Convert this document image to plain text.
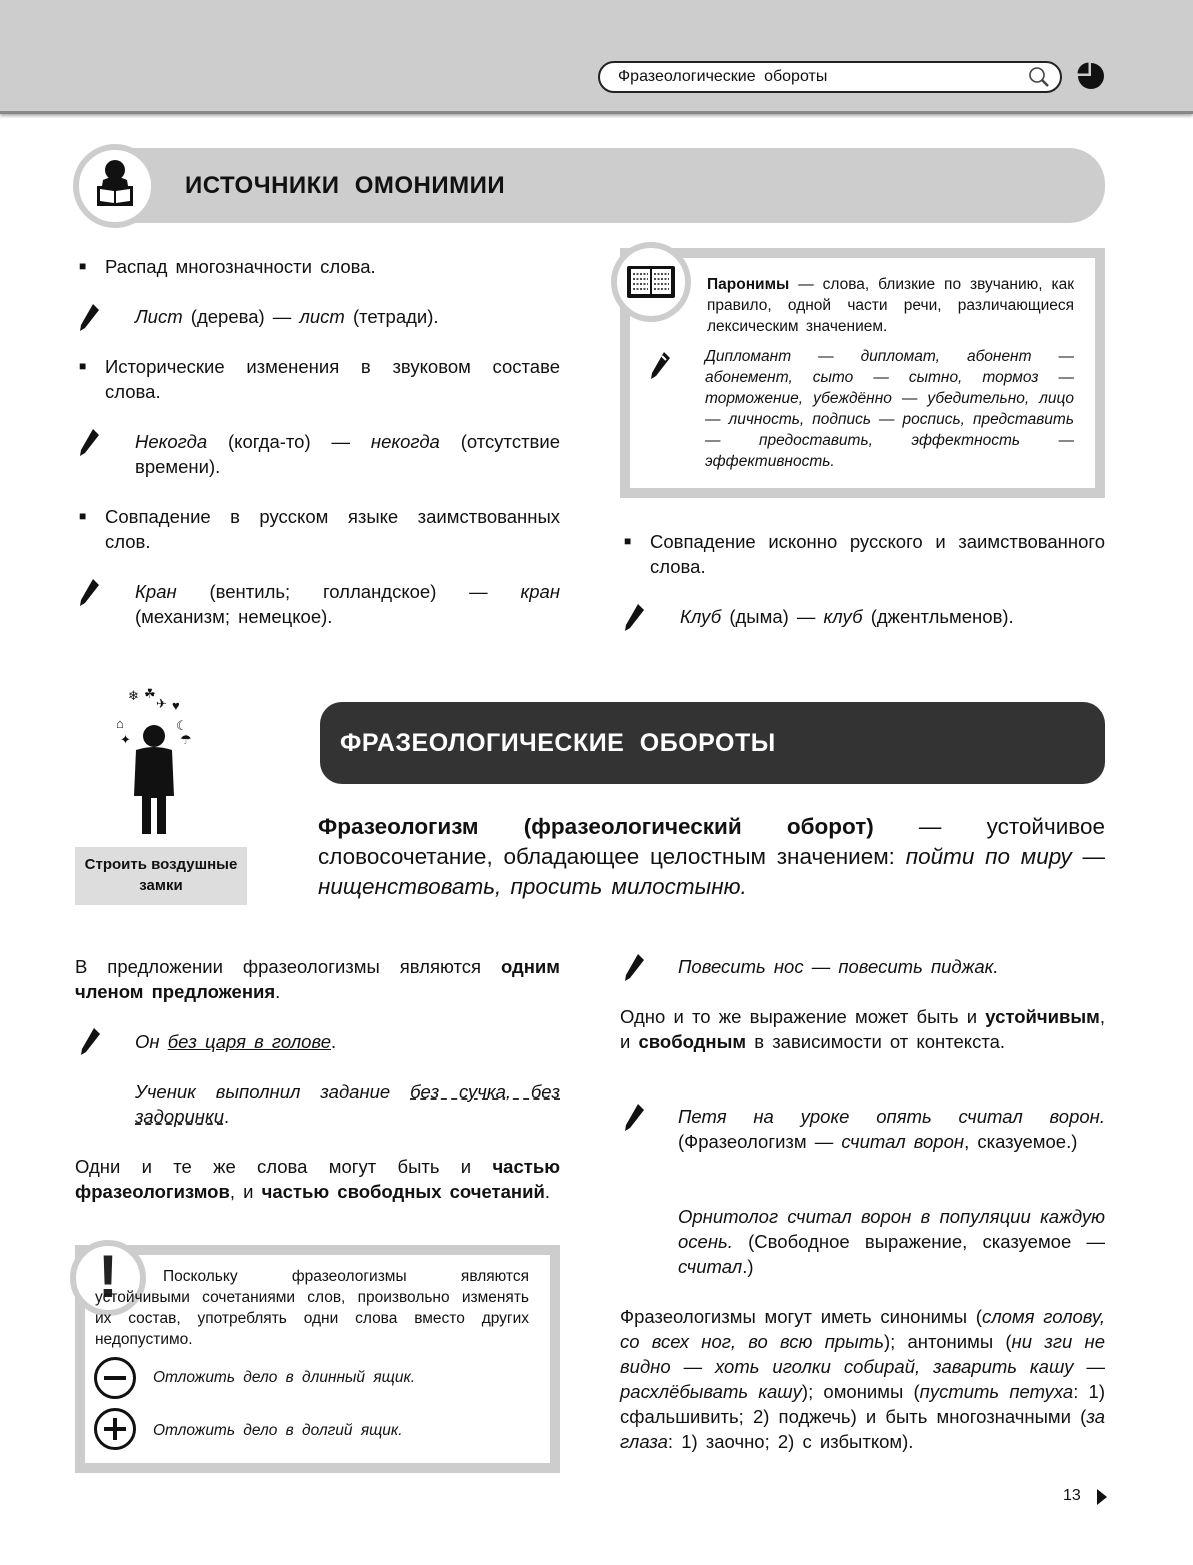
Фразеологические обороты
ИСТОЧНИКИ ОМОНИМИИ
■ Распад многозначности слова.
Лист (дерева) — лист (тетради).
■ Исторические изменения в звуковом составе слова.
Некогда (когда-то) — некогда (отсутствие времени).
■ Совпадение в русском языке заимствованных слов.
Кран (вентиль; голландское) — кран (механизм; немецкое).
Паронимы — слова, близкие по звучанию, как правило, одной части речи, различающиеся лексическим значением.
Дипломант — дипломат, абонент — абонемент, сыто — сытно, тормоз — торможение, убеждённо — убедительно, лицо — личность, подпись — роспись, представить — предоставить, эффектность — эффективность.
■ Совпадение исконно русского и заимствованного слова.
Клуб (дыма) — клуб (джентльменов).
❄ ☘
✈ ♥
⌂	☾
✦	☂
Строить воздушные замки
ФРАЗЕОЛОГИЧЕСКИЕ ОБОРОТЫ
Фразеологизм (фразеологический оборот) — устойчивое словосочетание, обладающее целостным значением: пойти по миру — нищенствовать, просить милостыню.
В предложении фразеологизмы являются одним членом предложения.
Он без царя в голове.
Ученик выполнил задание без сучка, без задоринки.
Одни и те же слова могут быть и частью фразеологизмов, и частью свободных сочетаний.
!	Поскольку фразеологизмы являются устойчивыми сочетаниями слов, произвольно изменять их состав, употреблять одни слова вместо других недопустимо.
Отложить дело в длинный ящик.
Отложить дело в долгий ящик.
Повесить нос — повесить пиджак.
Одно и то же выражение может быть и устойчивым, и свободным в зависимости от контекста.
Петя на уроке опять считал ворон. (Фразеологизм — считал ворон, сказуемое.)
Орнитолог считал ворон в популяции каждую осень. (Свободное выражение, сказуемое — считал.)
Фразеологизмы могут иметь синонимы (сломя голову, со всех ног, во всю прыть); антонимы (ни зги не видно — хоть иголки собирай, заварить кашу — расхлёбывать кашу); омонимы (пустить петуха: 1) сфальшивить; 2) поджечь) и быть многозначными (за глаза: 1) заочно; 2) с избытком).
13
